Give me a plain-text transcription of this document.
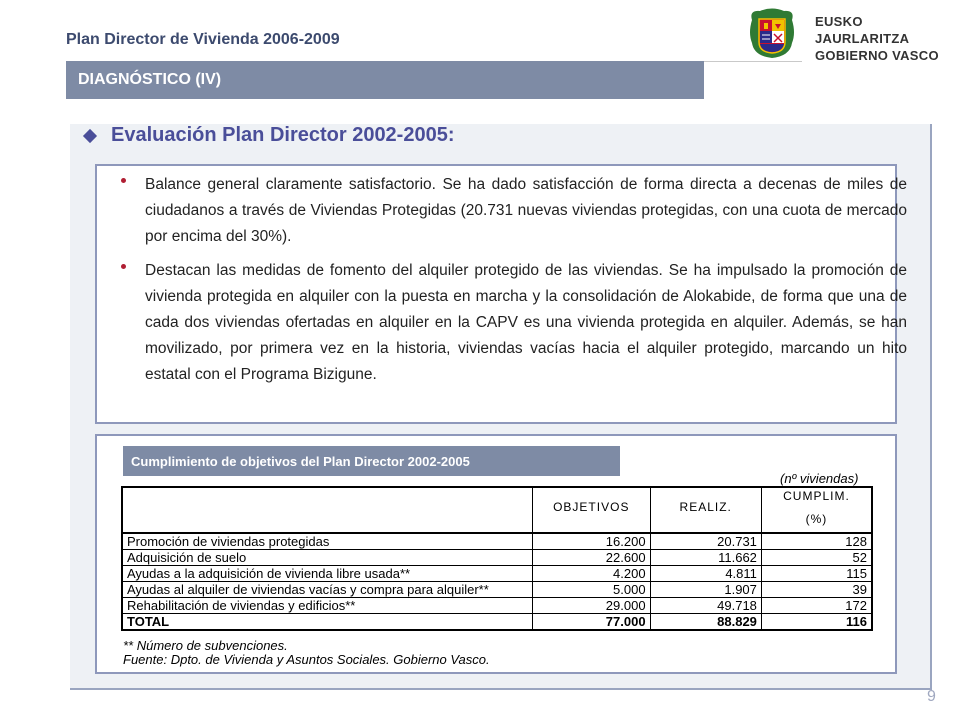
Plan Director de Vivienda 2006-2009
EUSKO JAURLARITZA
GOBIERNO VASCO
DIAGNÓSTICO (IV)
Evaluación Plan Director 2002-2005:
Balance general claramente satisfactorio. Se ha dado satisfacción de forma directa a decenas de miles de ciudadanos a través de Viviendas Protegidas (20.731 nuevas viviendas protegidas, con una cuota de mercado por encima del 30%).
Destacan las medidas de fomento del alquiler protegido de las viviendas. Se ha impulsado la promoción de vivienda protegida en alquiler con la puesta en marcha y la consolidación de Alokabide, de forma que una de cada dos viviendas ofertadas en alquiler en la CAPV es una vivienda protegida en alquiler. Además, se han movilizado, por primera vez en la historia, viviendas vacías hacia el alquiler protegido, marcando un hito estatal con el Programa Bizigune.
Cumplimiento de objetivos del Plan Director 2002-2005
(nº viviendas)
	OBJETIVOS	REALIZ.	CUMPLIM.
(%)

Promoción de viviendas protegidas	16.200	20.731	128
Adquisición de suelo	22.600	11.662	52
Ayudas a la adquisición de vivienda libre usada**	4.200	4.811	115
Ayudas al alquiler de viviendas vacías y compra para alquiler**	5.000	1.907	39
Rehabilitación de viviendas y edificios**	29.000	49.718	172
TOTAL	77.000	88.829	116
** Número de subvenciones.
Fuente: Dpto. de Vivienda y Asuntos Sociales. Gobierno Vasco.
9
